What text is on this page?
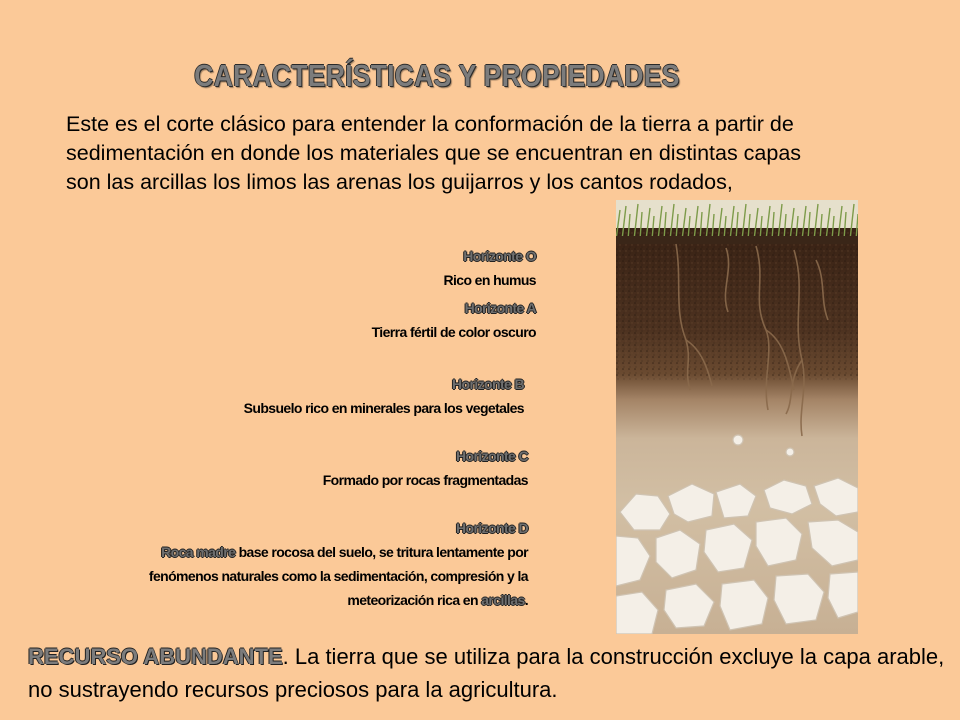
CARACTERÍSTICAS Y PROPIEDADES
Este es el corte clásico para entender la conformación de la tierra a partir de
sedimentación en donde los materiales que se encuentran en distintas capas
son las arcillas los limos las arenas los guijarros y los cantos rodados,
Horizonte O
Rico en humus
Horizonte A
Tierra fértil de color oscuro
Horizonte B
Subsuelo rico en minerales para los vegetales
Horizonte C
Formado por rocas fragmentadas
Horizonte D
Roca madre base rocosa del suelo, se tritura lentamente por
fenómenos naturales como la sedimentación, compresión y la
meteorización rica en arcillas.
RECURSO ABUNDANTE. La tierra que se utiliza para la construcción excluye la capa arable,
no sustrayendo recursos preciosos para la agricultura.
